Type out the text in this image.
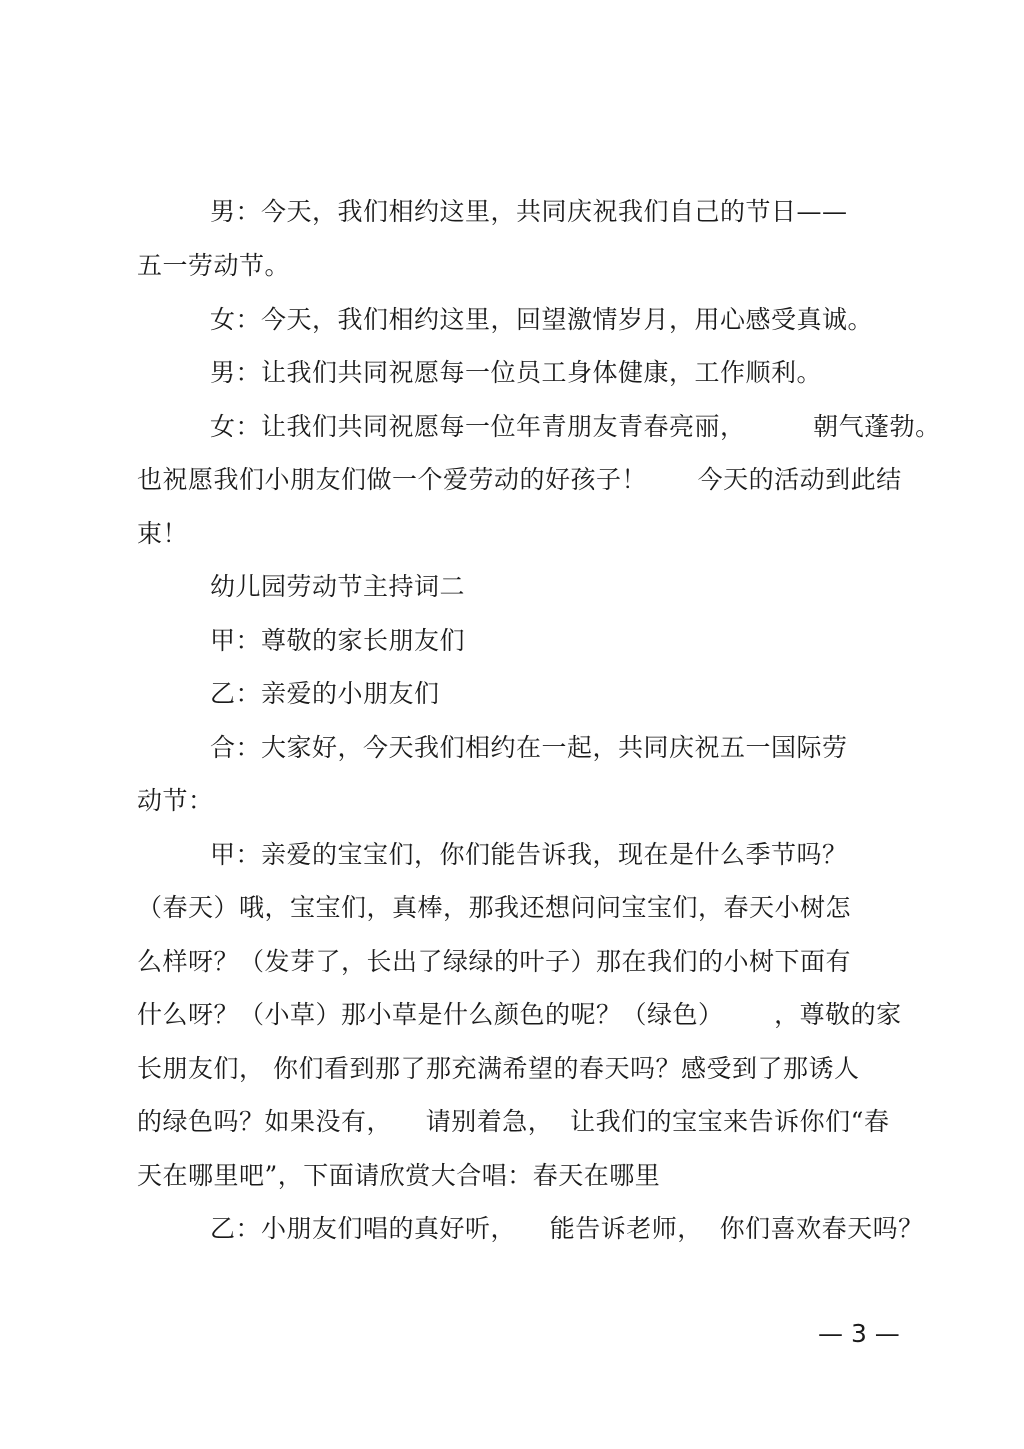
男：今天，我们相约这里，共同庆祝我们自己的节日——
五一劳动节。
女：今天，我们相约这里，回望激情岁月，用心感受真诚。
男：让我们共同祝愿每一位员工身体健康，工作顺利。
女：让我们共同祝愿每一位年青朋友青春亮丽，        朝气蓬勃。
也祝愿我们小朋友们做一个爱劳动的好孩子！      今天的活动到此结
束！
幼儿园劳动节主持词二
甲：尊敬的家长朋友们
乙：亲爱的小朋友们
合：大家好，今天我们相约在一起，共同庆祝五一国际劳
动节：
甲：亲爱的宝宝们，你们能告诉我，现在是什么季节吗？
（春天）哦，宝宝们，真棒，那我还想问问宝宝们，春天小树怎
么样呀？（发芽了，长出了绿绿的叶子）那在我们的小树下面有
什么呀？（小草）那小草是什么颜色的呢？（绿色）      ，尊敬的家
长朋友们， 你们看到那了那充满希望的春天吗？感受到了那诱人
的绿色吗？如果没有，    请别着急，  让我们的宝宝来告诉你们“春
天在哪里吧”，下面请欣赏大合唱：春天在哪里
乙：小朋友们唱的真好听，    能告诉老师，  你们喜欢春天吗？
— 3 —
